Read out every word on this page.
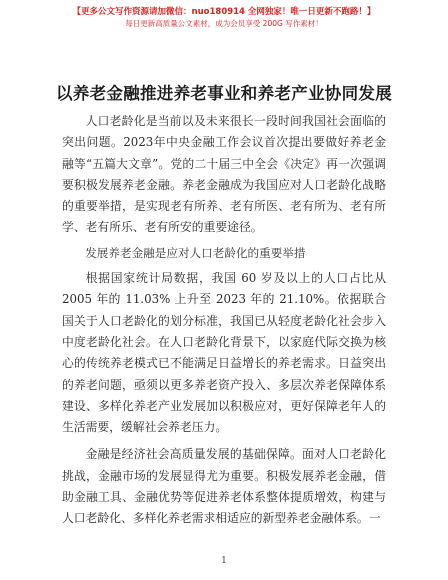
【更多公文写作资源请加微信：nuo180914 全网独家！唯一日更新不跑路！】
每日更新高质量公文素材，成为会员享受 200G 写作素材！
以养老金融推进养老事业和养老产业协同发展

人口老龄化是当前以及未来很长一段时间我国社会面临的突出问题。2023年中央金融工作会议首次提出要做好养老金融等“五篇大文章”。党的二十届三中全会《决定》再一次强调要积极发展养老金融。养老金融成为我国应对人口老龄化战略的重要举措，是实现老有所养、老有所医、老有所为、老有所学、老有所乐、老有所安的重要途径。

发展养老金融是应对人口老龄化的重要举措

根据国家统计局数据，我国 60 岁及以上的人口占比从 2005 年的 11.03% 上升至 2023 年的 21.10%。依据联合国关于人口老龄化的划分标准，我国已从轻度老龄化社会步入中度老龄化社会。在人口老龄化背景下，以家庭代际交换为核心的传统养老模式已不能满足日益增长的养老需求。日益突出的养老问题，亟须以更多养老资产投入、多层次养老保障体系建设、多样化养老产业发展加以积极应对，更好保障老年人的生活需要，缓解社会养老压力。

金融是经济社会高质量发展的基础保障。面对人口老龄化挑战，金融市场的发展显得尤为重要。积极发展养老金融，借助金融工具、金融优势等促进养老体系整体提质增效，构建与人口老龄化、多样化养老需求相适应的新型养老金融体系。一

1
